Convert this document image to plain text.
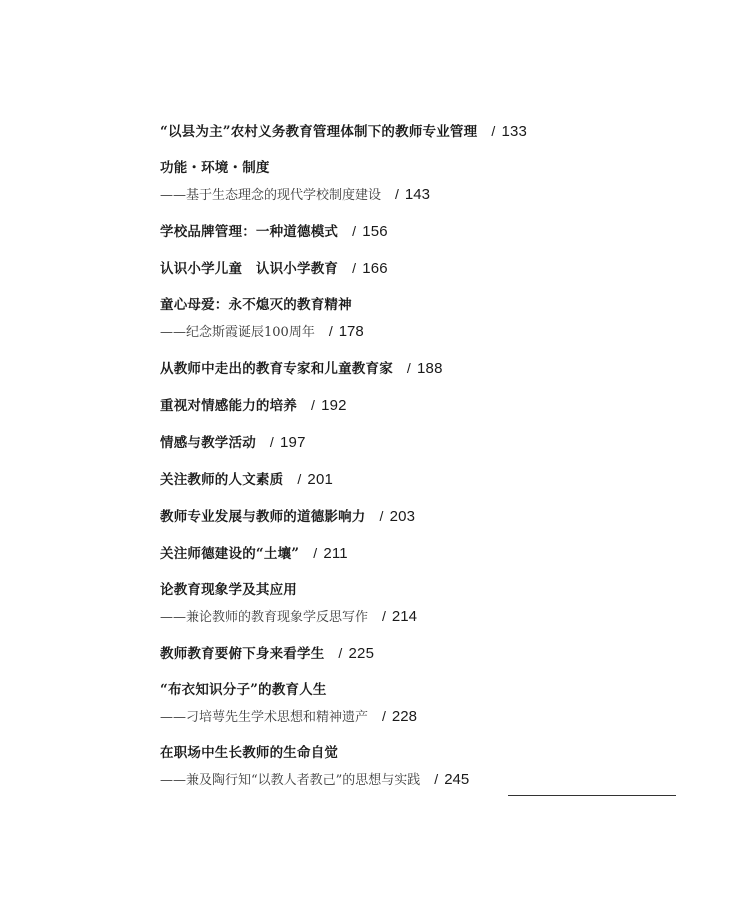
“以县为主”农村义务教育管理体制下的教师专业管理 / 133
功能・环境・制度
——基于生态理念的现代学校制度建设 / 143
学校品牌管理：一种道德模式 / 156
认识小学儿童　认识小学教育 / 166
童心母爱：永不熄灭的教育精神
——纪念斯霞诞辰100周年 / 178
从教师中走出的教育专家和儿童教育家 / 188
重视对情感能力的培养 / 192
情感与教学活动 / 197
关注教师的人文素质 / 201
教师专业发展与教师的道德影响力 / 203
关注师德建设的“土壤” / 211
论教育现象学及其应用
——兼论教师的教育现象学反思写作 / 214
教师教育要俯下身来看学生 / 225
“布衣知识分子”的教育人生
——刁培萼先生学术思想和精神遗产 / 228
在职场中生长教师的生命自觉
——兼及陶行知“以教人者教己”的思想与实践 / 245
